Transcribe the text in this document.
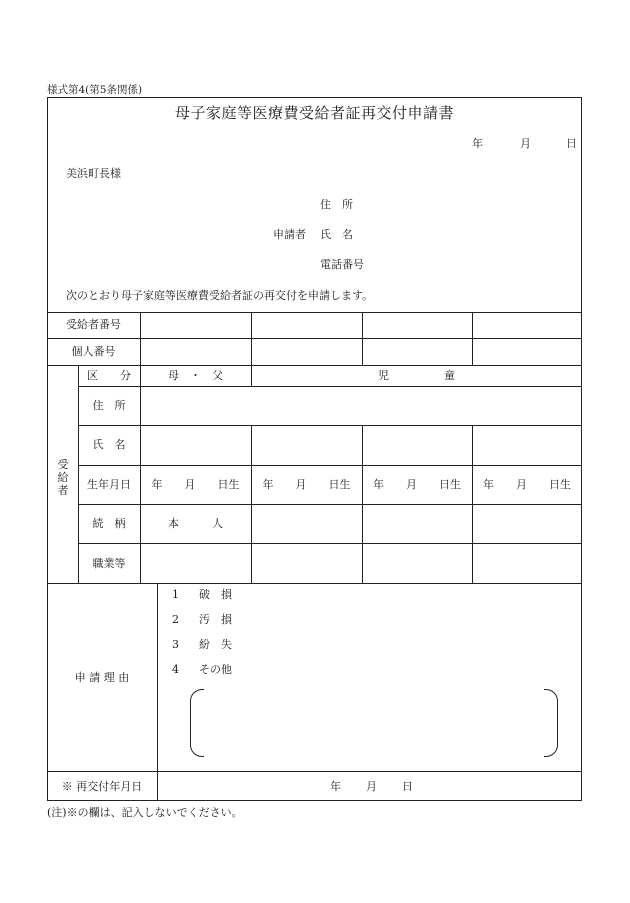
様式第4(第5条関係)
母子家庭等医療費受給者証再交付申請書
年	月	日
美浜町長様
住　所
申請者 氏　名
電話番号
次のとおり母子家庭等医療費受給者証の再交付を申請します。
受給者番号
個人番号
受
給
者
区　　分	母　・　父	児　　　　　童
住　所
氏　名
生年月日	年　　月　　日生	年　　月　　日生	年　　月　　日生	年　　月　　日生
続　柄	本　　　人
職業等
申 請 理 由
1 破　損
2 汚　損
3 紛　失
4 その他
※ 再交付年月日	年 月 日
(注)※の欄は、記入しないでください。
